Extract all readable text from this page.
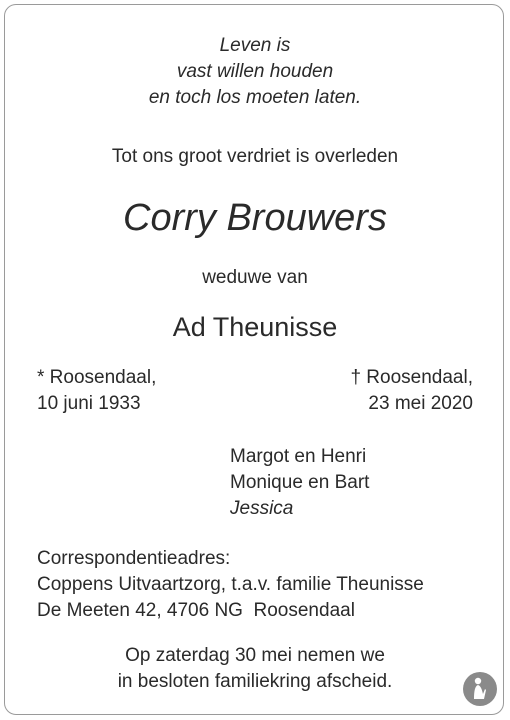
Leven is
vast willen houden
en toch los moeten laten.
Tot ons groot verdriet is overleden
Corry Brouwers
weduwe van
Ad Theunisse
* Roosendaal,
10 juni 1933
† Roosendaal,
23 mei 2020
Margot en Henri
Monique en Bart
Jessica
Correspondentieadres:
Coppens Uitvaartzorg, t.a.v. familie Theunisse
De Meeten 42, 4706 NG  Roosendaal
Op zaterdag 30 mei nemen we
in besloten familiekring afscheid.
